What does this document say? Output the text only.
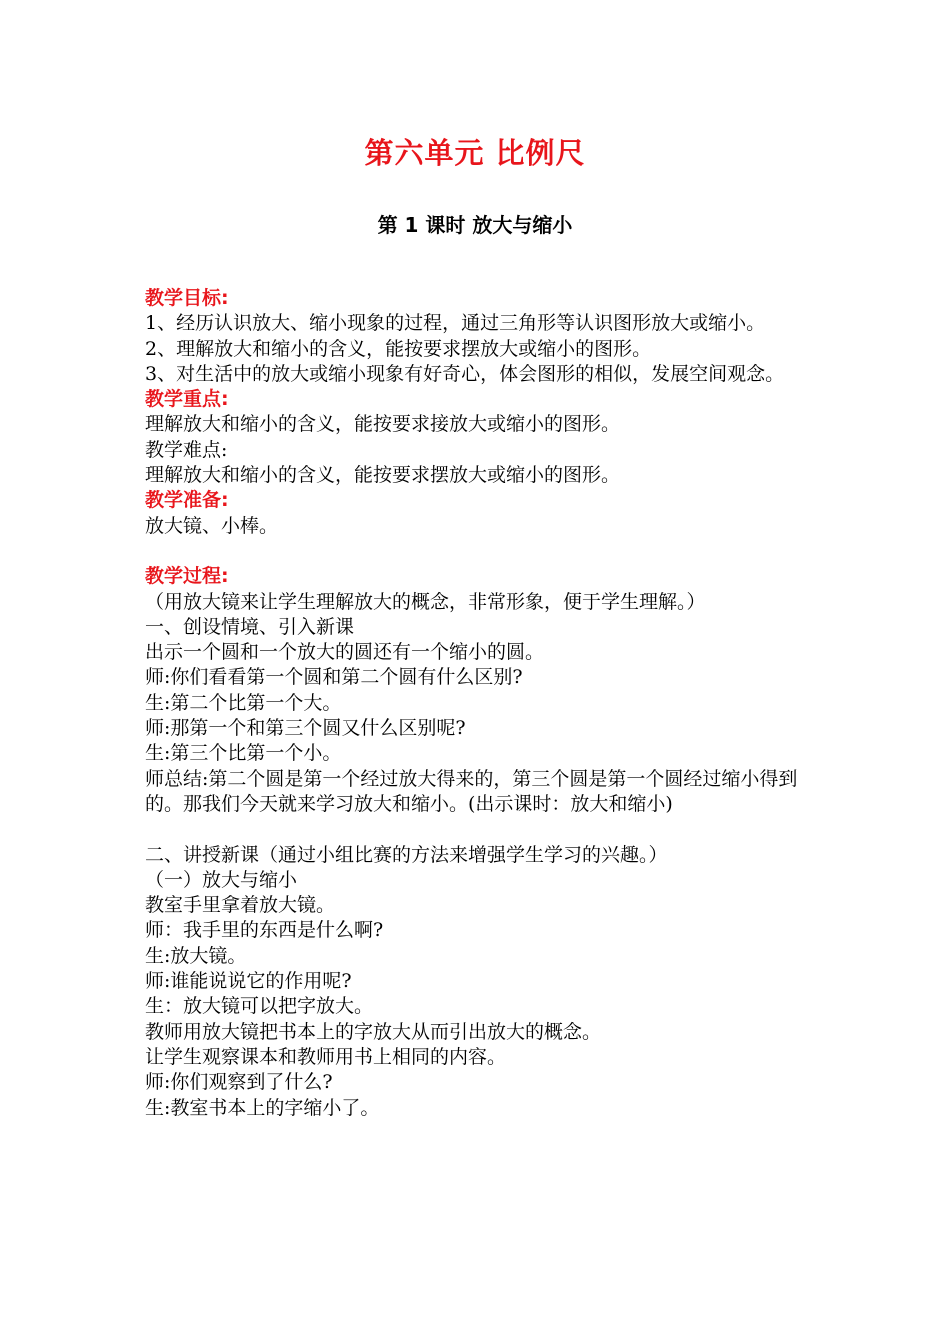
第六单元 比例尺
第 1 课时 放大与缩小

教学目标:

1、经历认识放大、缩小现象的过程，通过三角形等认识图形放大或缩小。

2、理解放大和缩小的含义，能按要求摆放大或缩小的图形。

3、对生活中的放大或缩小现象有好奇心，体会图形的相似，发展空间观念。

教学重点:

理解放大和缩小的含义，能按要求接放大或缩小的图形。

教学难点:

理解放大和缩小的含义，能按要求摆放大或缩小的图形。

教学准备:

放大镜、小棒。

教学过程:

（用放大镜来让学生理解放大的概念，非常形象，便于学生理解。）

一、创设情境、引入新课

出示一个圆和一个放大的圆还有一个缩小的圆。

师:你们看看第一个圆和第二个圆有什么区别?

生:第二个比第一个大。

师:那第一个和第三个圆又什么区别呢?

生:第三个比第一个小。

师总结:第二个圆是第一个经过放大得来的，第三个圆是第一个圆经过缩小得到的。那我们今天就来学习放大和缩小。(出示课时：放大和缩小)

二、讲授新课（通过小组比赛的方法来增强学生学习的兴趣。）

（一）放大与缩小

教室手里拿着放大镜。

师：我手里的东西是什么啊?

生:放大镜。

师:谁能说说它的作用呢?

生：放大镜可以把字放大。

教师用放大镜把书本上的字放大从而引出放大的概念。

让学生观察课本和教师用书上相同的内容。

师:你们观察到了什么?

生:教室书本上的字缩小了。
